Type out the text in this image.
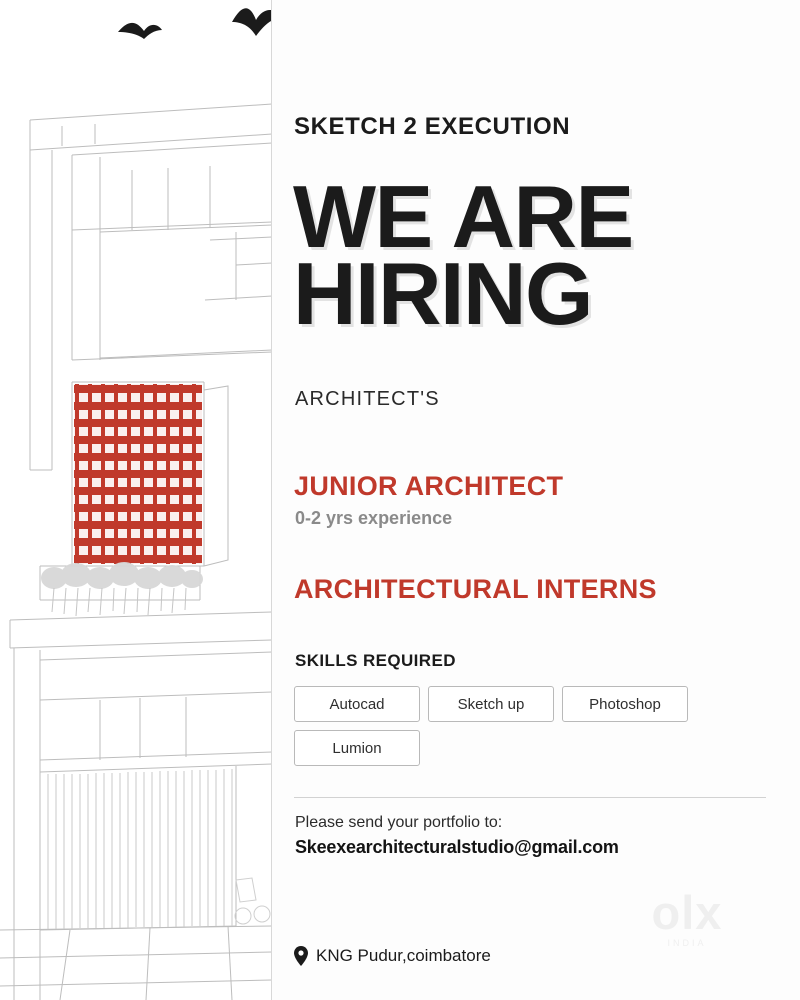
SKETCH 2 EXECUTION
WE ARE
HIRING
ARCHITECT'S
JUNIOR ARCHITECT
0-2 yrs experience
ARCHITECTURAL INTERNS
SKILLS REQUIRED
Autocad	Sketch up	Photoshop
Lumion
Please send your portfolio to:
Skeexearchitecturalstudio@gmail.com
KNG Pudur,coimbatore
olx
INDIA
